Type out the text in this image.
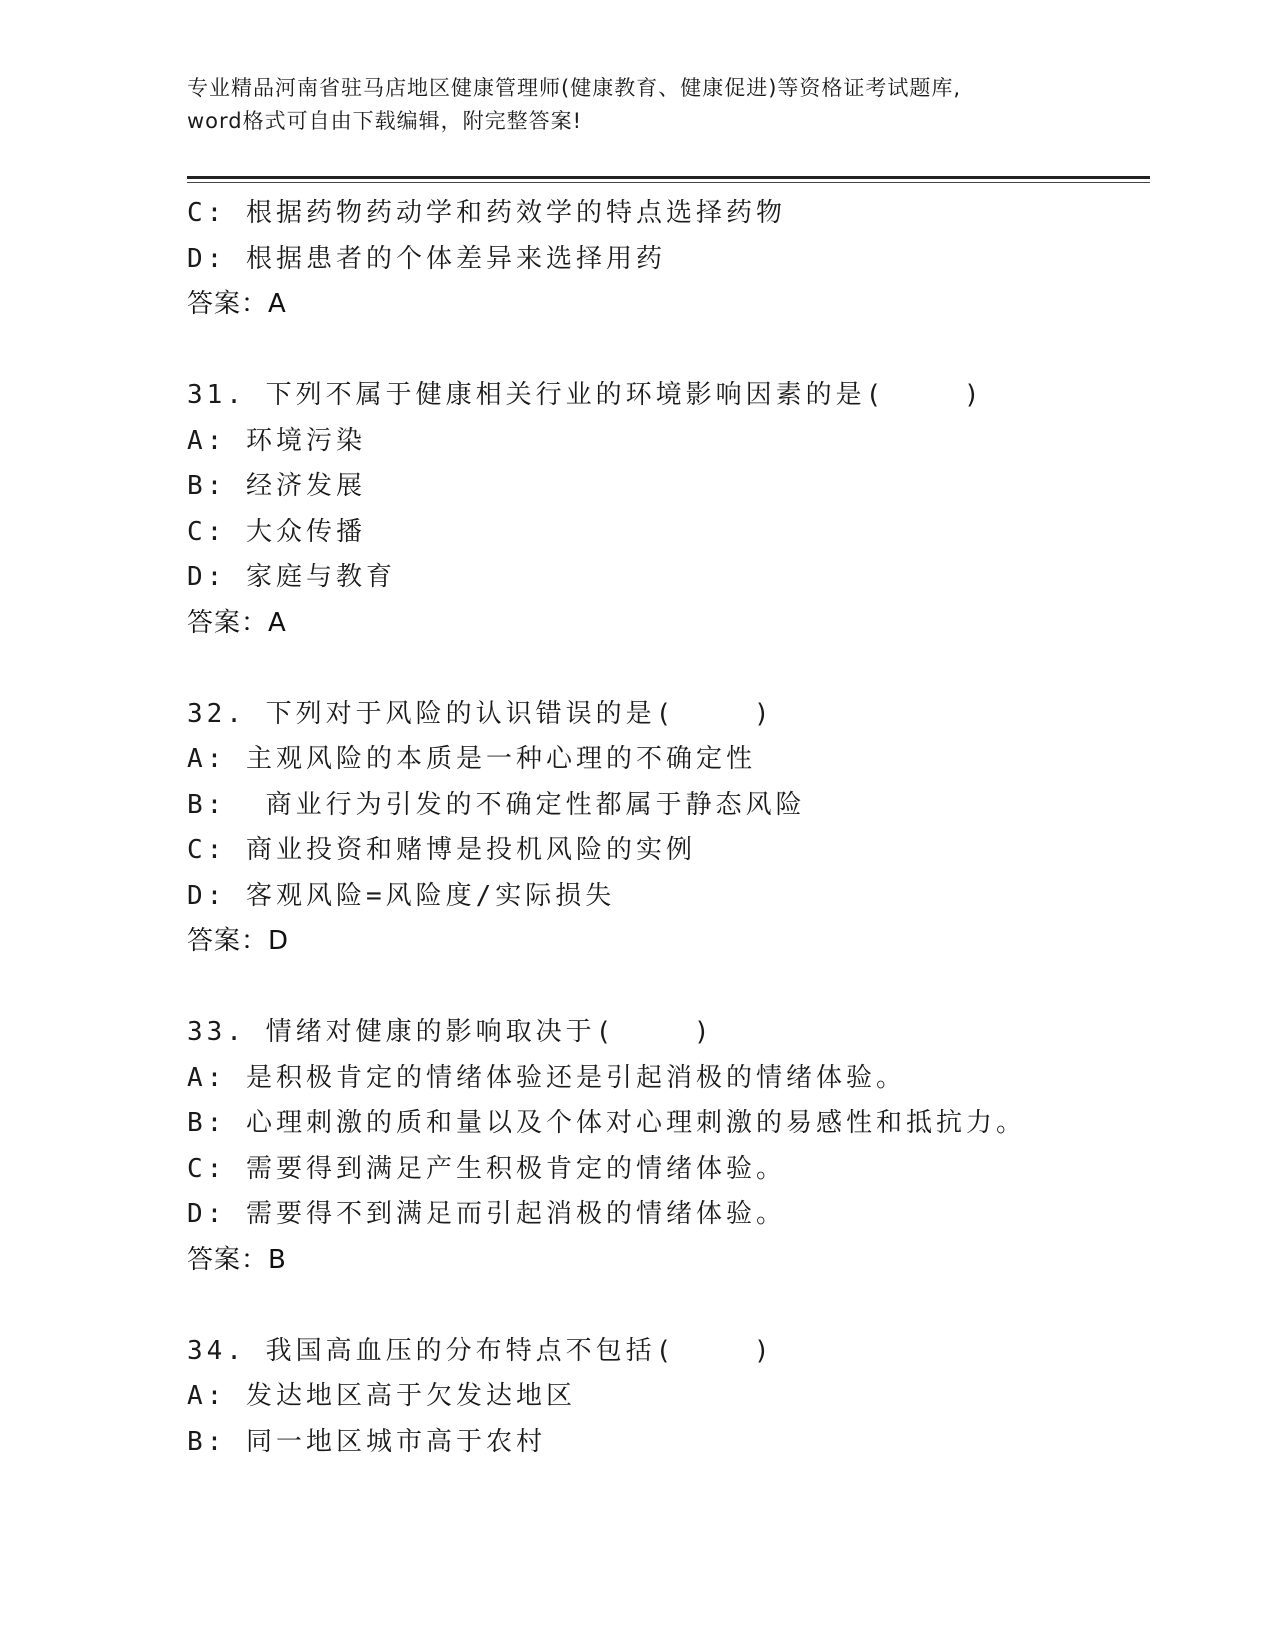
专业精品河南省驻马店地区健康管理师(健康教育、健康促进)等资格证考试题库,
word格式可自由下载编辑，附完整答案!
C: 根据药物药动学和药效学的特点选择药物
D: 根据患者的个体差异来选择用药
答案：A
31. 下列不属于健康相关行业的环境影响因素的是(    )
A: 环境污染
B: 经济发展
C: 大众传播
D: 家庭与教育
答案：A
32. 下列对于风险的认识错误的是(    )
A: 主观风险的本质是一种心理的不确定性
B:  商业行为引发的不确定性都属于静态风险
C: 商业投资和赌博是投机风险的实例
D: 客观风险=风险度/实际损失
答案：D
33. 情绪对健康的影响取决于(    )
A: 是积极肯定的情绪体验还是引起消极的情绪体验。
B: 心理刺激的质和量以及个体对心理刺激的易感性和抵抗力。
C: 需要得到满足产生积极肯定的情绪体验。
D: 需要得不到满足而引起消极的情绪体验。
答案：B
34. 我国高血压的分布特点不包括(    )
A: 发达地区高于欠发达地区
B: 同一地区城市高于农村
